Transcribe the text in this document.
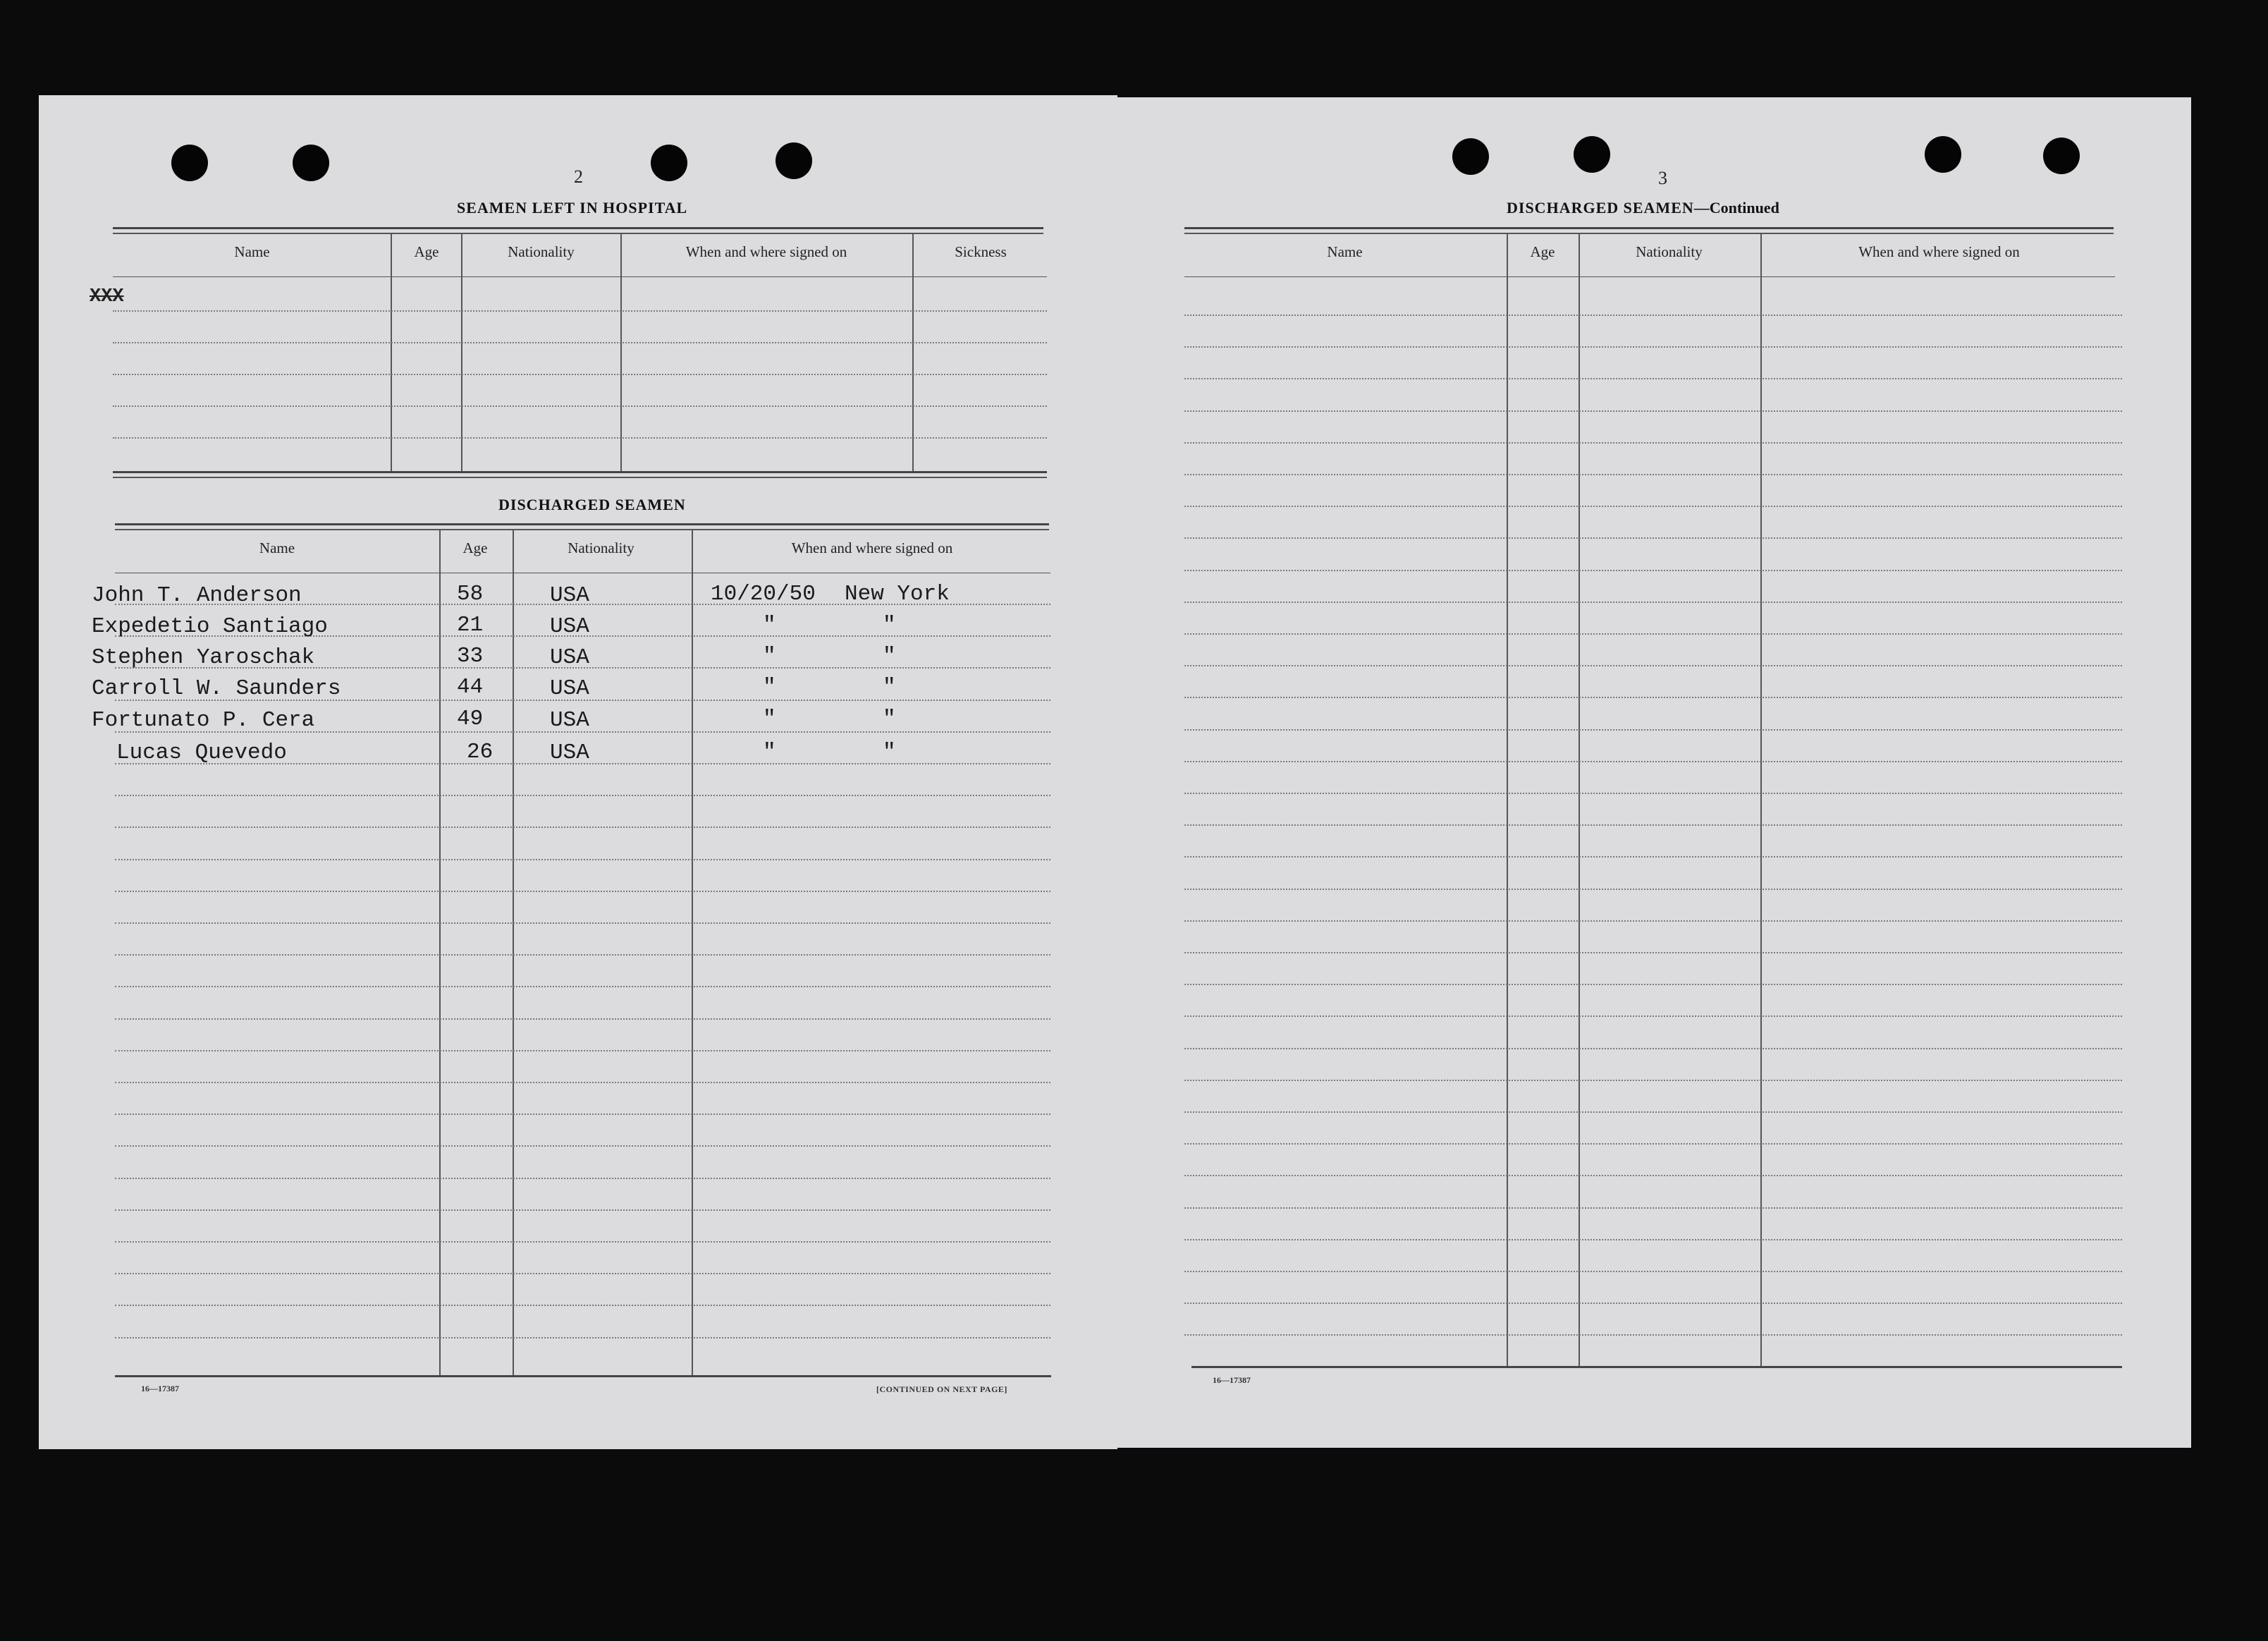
2
SEAMEN LEFT IN HOSPITAL
Name	Age	Nationality	When and where signed on	Sickness
XXX
DISCHARGED SEAMEN
Name	Age	Nationality	When and where signed on
John T. Anderson	58	USA	10/20/50 New York
Expedetio Santiago	21	USA	"	"
Stephen Yaroschak	33	USA	"	"
Carroll W. Saunders	44	USA	"	"
Fortunato P. Cera	49	USA	"	"
Lucas Quevedo	26	USA	"	"
16—17387	[CONTINUED ON NEXT PAGE]
3
DISCHARGED SEAMEN—Continued
Name	Age	Nationality	When and where signed on
16—17387
